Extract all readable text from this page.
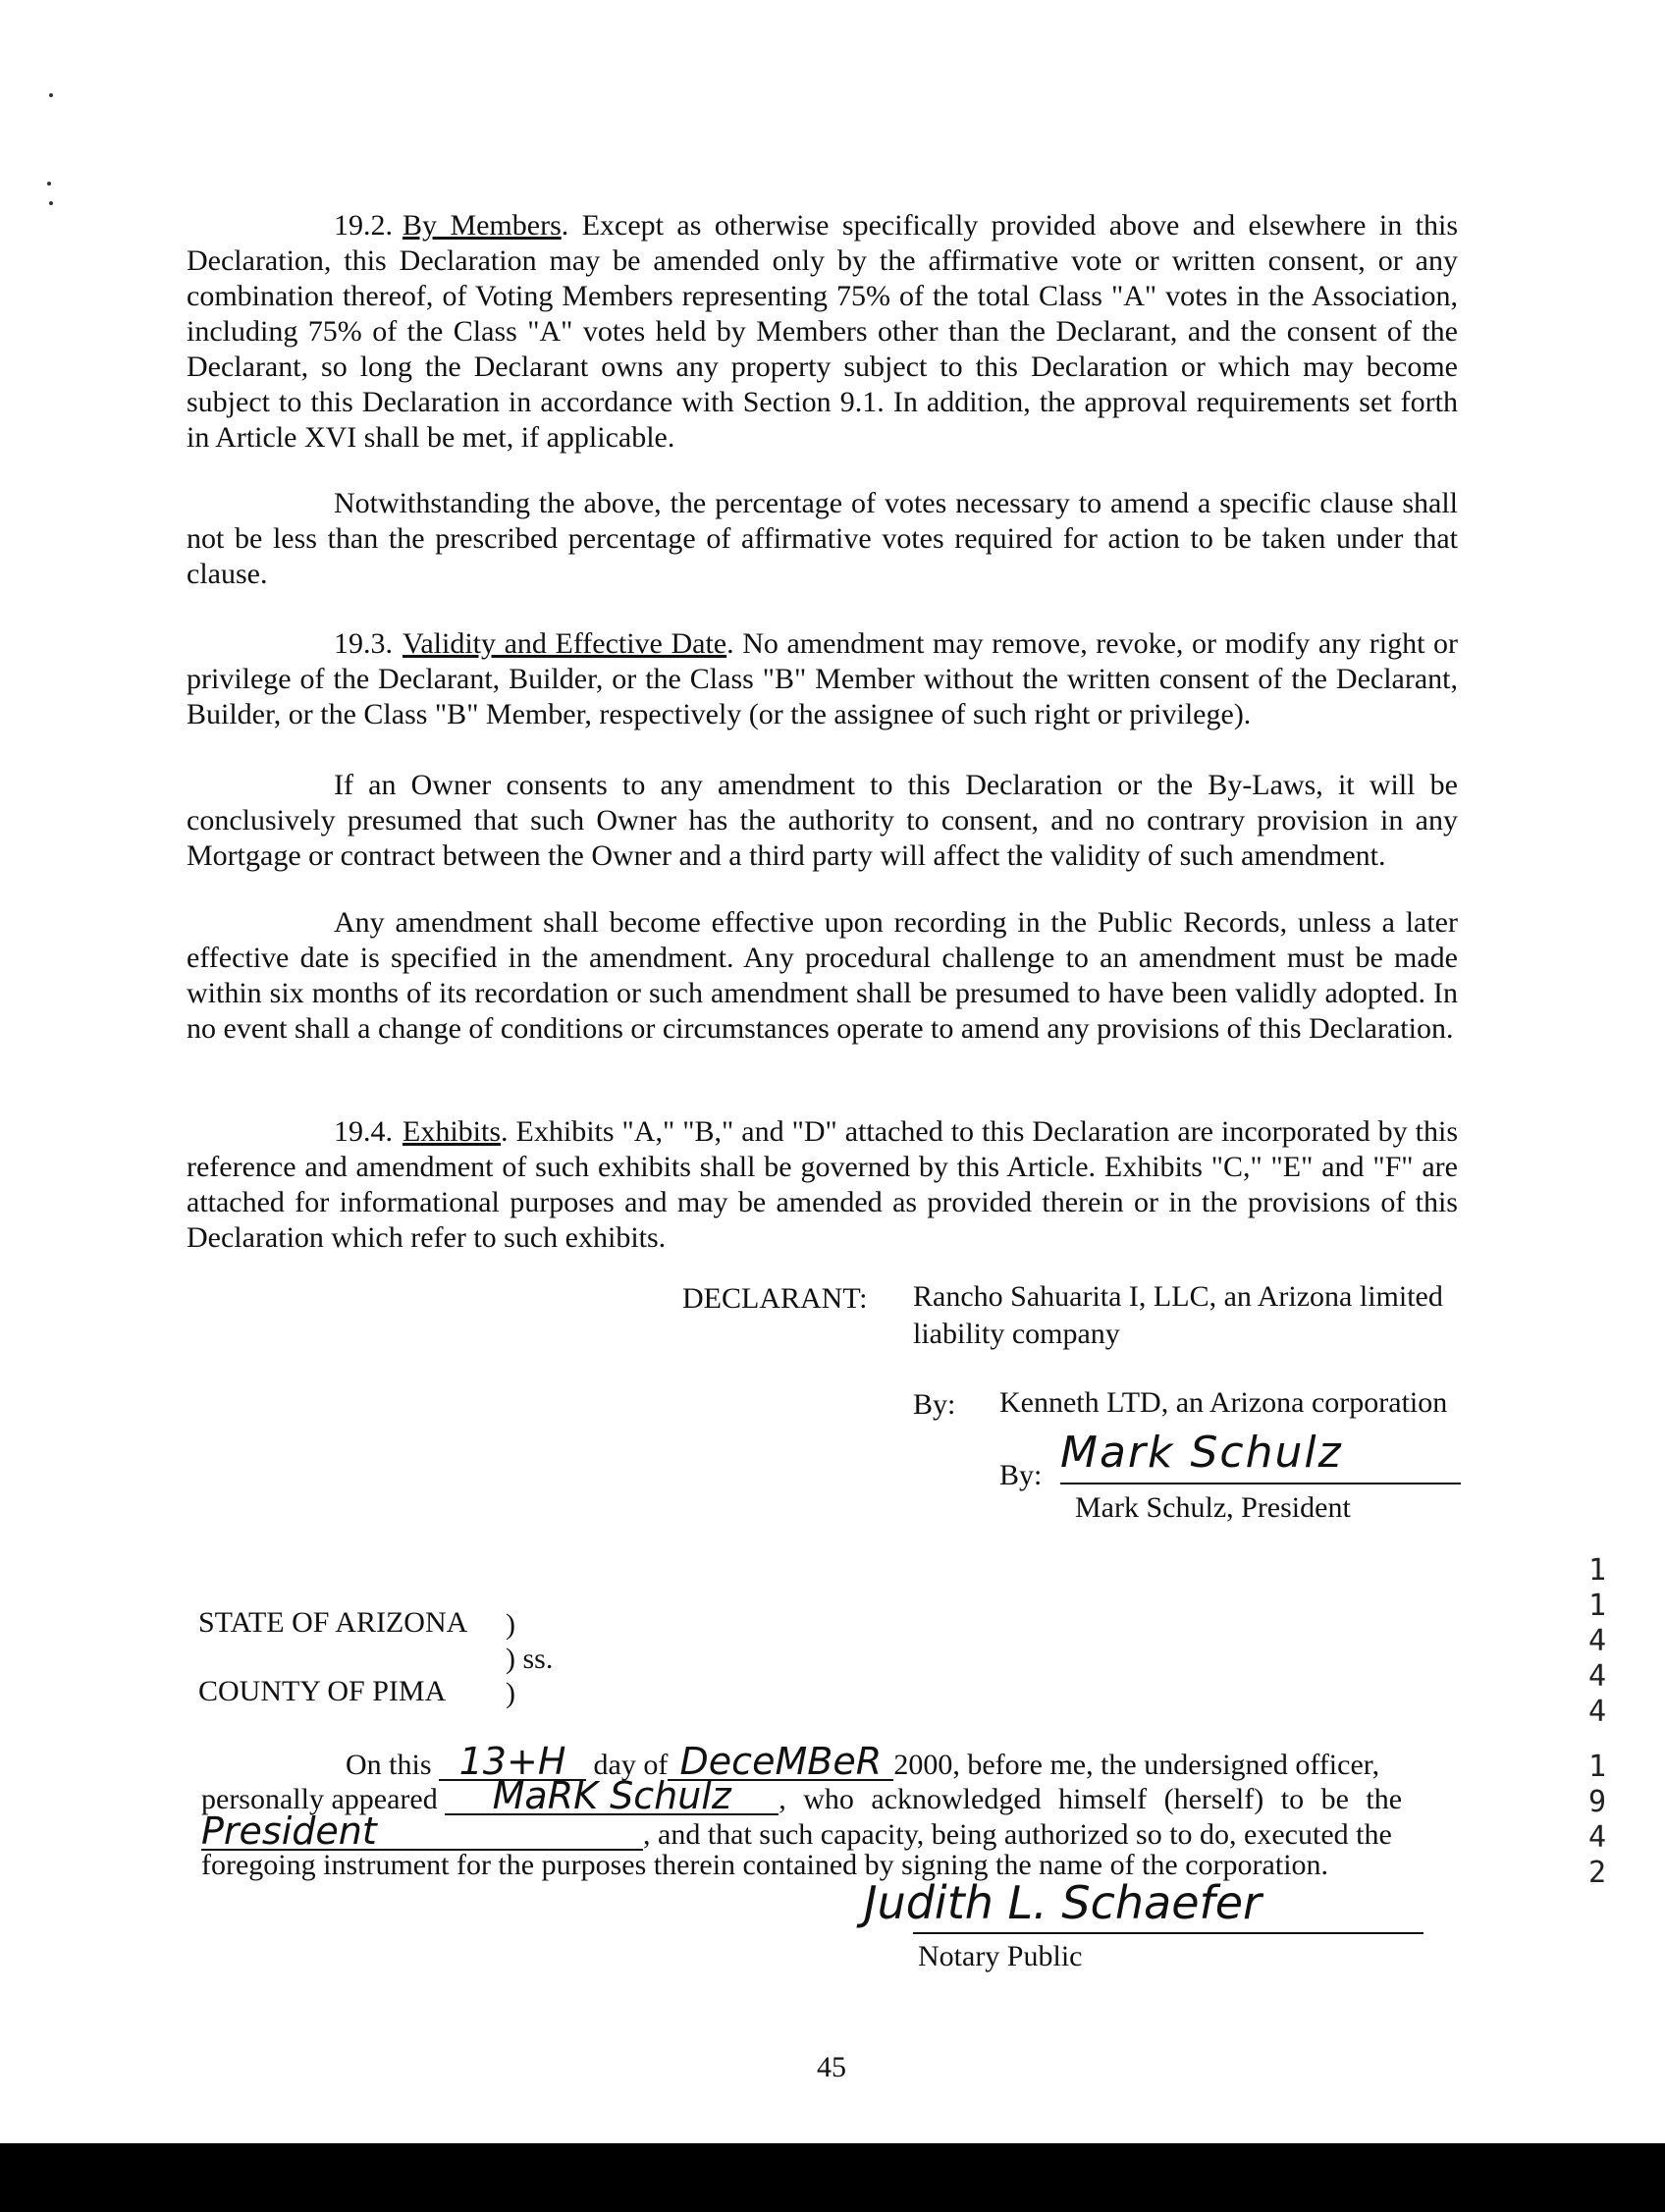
19.2. By Members. Except as otherwise specifically provided above and elsewhere in this Declaration, this Declaration may be amended only by the affirmative vote or written consent, or any combination thereof, of Voting Members representing 75% of the total Class "A" votes in the Association, including 75% of the Class "A" votes held by Members other than the Declarant, and the consent of the Declarant, so long the Declarant owns any property subject to this Declaration or which may become subject to this Declaration in accordance with Section 9.1. In addition, the approval requirements set forth in Article XVI shall be met, if applicable.

Notwithstanding the above, the percentage of votes necessary to amend a specific clause shall not be less than the prescribed percentage of affirmative votes required for action to be taken under that clause.

19.3. Validity and Effective Date. No amendment may remove, revoke, or modify any right or privilege of the Declarant, Builder, or the Class "B" Member without the written consent of the Declarant, Builder, or the Class "B" Member, respectively (or the assignee of such right or privilege).

If an Owner consents to any amendment to this Declaration or the By-Laws, it will be conclusively presumed that such Owner has the authority to consent, and no contrary provision in any Mortgage or contract between the Owner and a third party will affect the validity of such amendment.

Any amendment shall become effective upon recording in the Public Records, unless a later effective date is specified in the amendment. Any procedural challenge to an amendment must be made within six months of its recordation or such amendment shall be presumed to have been validly adopted. In no event shall a change of conditions or circumstances operate to amend any provisions of this Declaration.

19.4. Exhibits. Exhibits "A," "B," and "D" attached to this Declaration are incorporated by this reference and amendment of such exhibits shall be governed by this Article. Exhibits "C," "E" and "F" are attached for informational purposes and may be amended as provided therein or in the provisions of this Declaration which refer to such exhibits.

DECLARANT: Rancho Sahuarita I, LLC, an Arizona limited
liability company
By: Kenneth LTD, an Arizona corporation
By: Mark Schulz
Mark Schulz, President
STATE OF ARIZONA )
) ss.
COUNTY OF PIMA )
On this 13+H day of DeceMBeR 2000, before me, the undersigned officer,
personally appeared MaRK Schulz , who acknowledged himself (herself) to be the
President	, and that such capacity, being authorized so to do, executed the
foregoing instrument for the purposes therein contained by signing the name of the corporation.
Judith L. Schaefer
Notary Public
45
1
1
4
4
4
1
9
4
2
